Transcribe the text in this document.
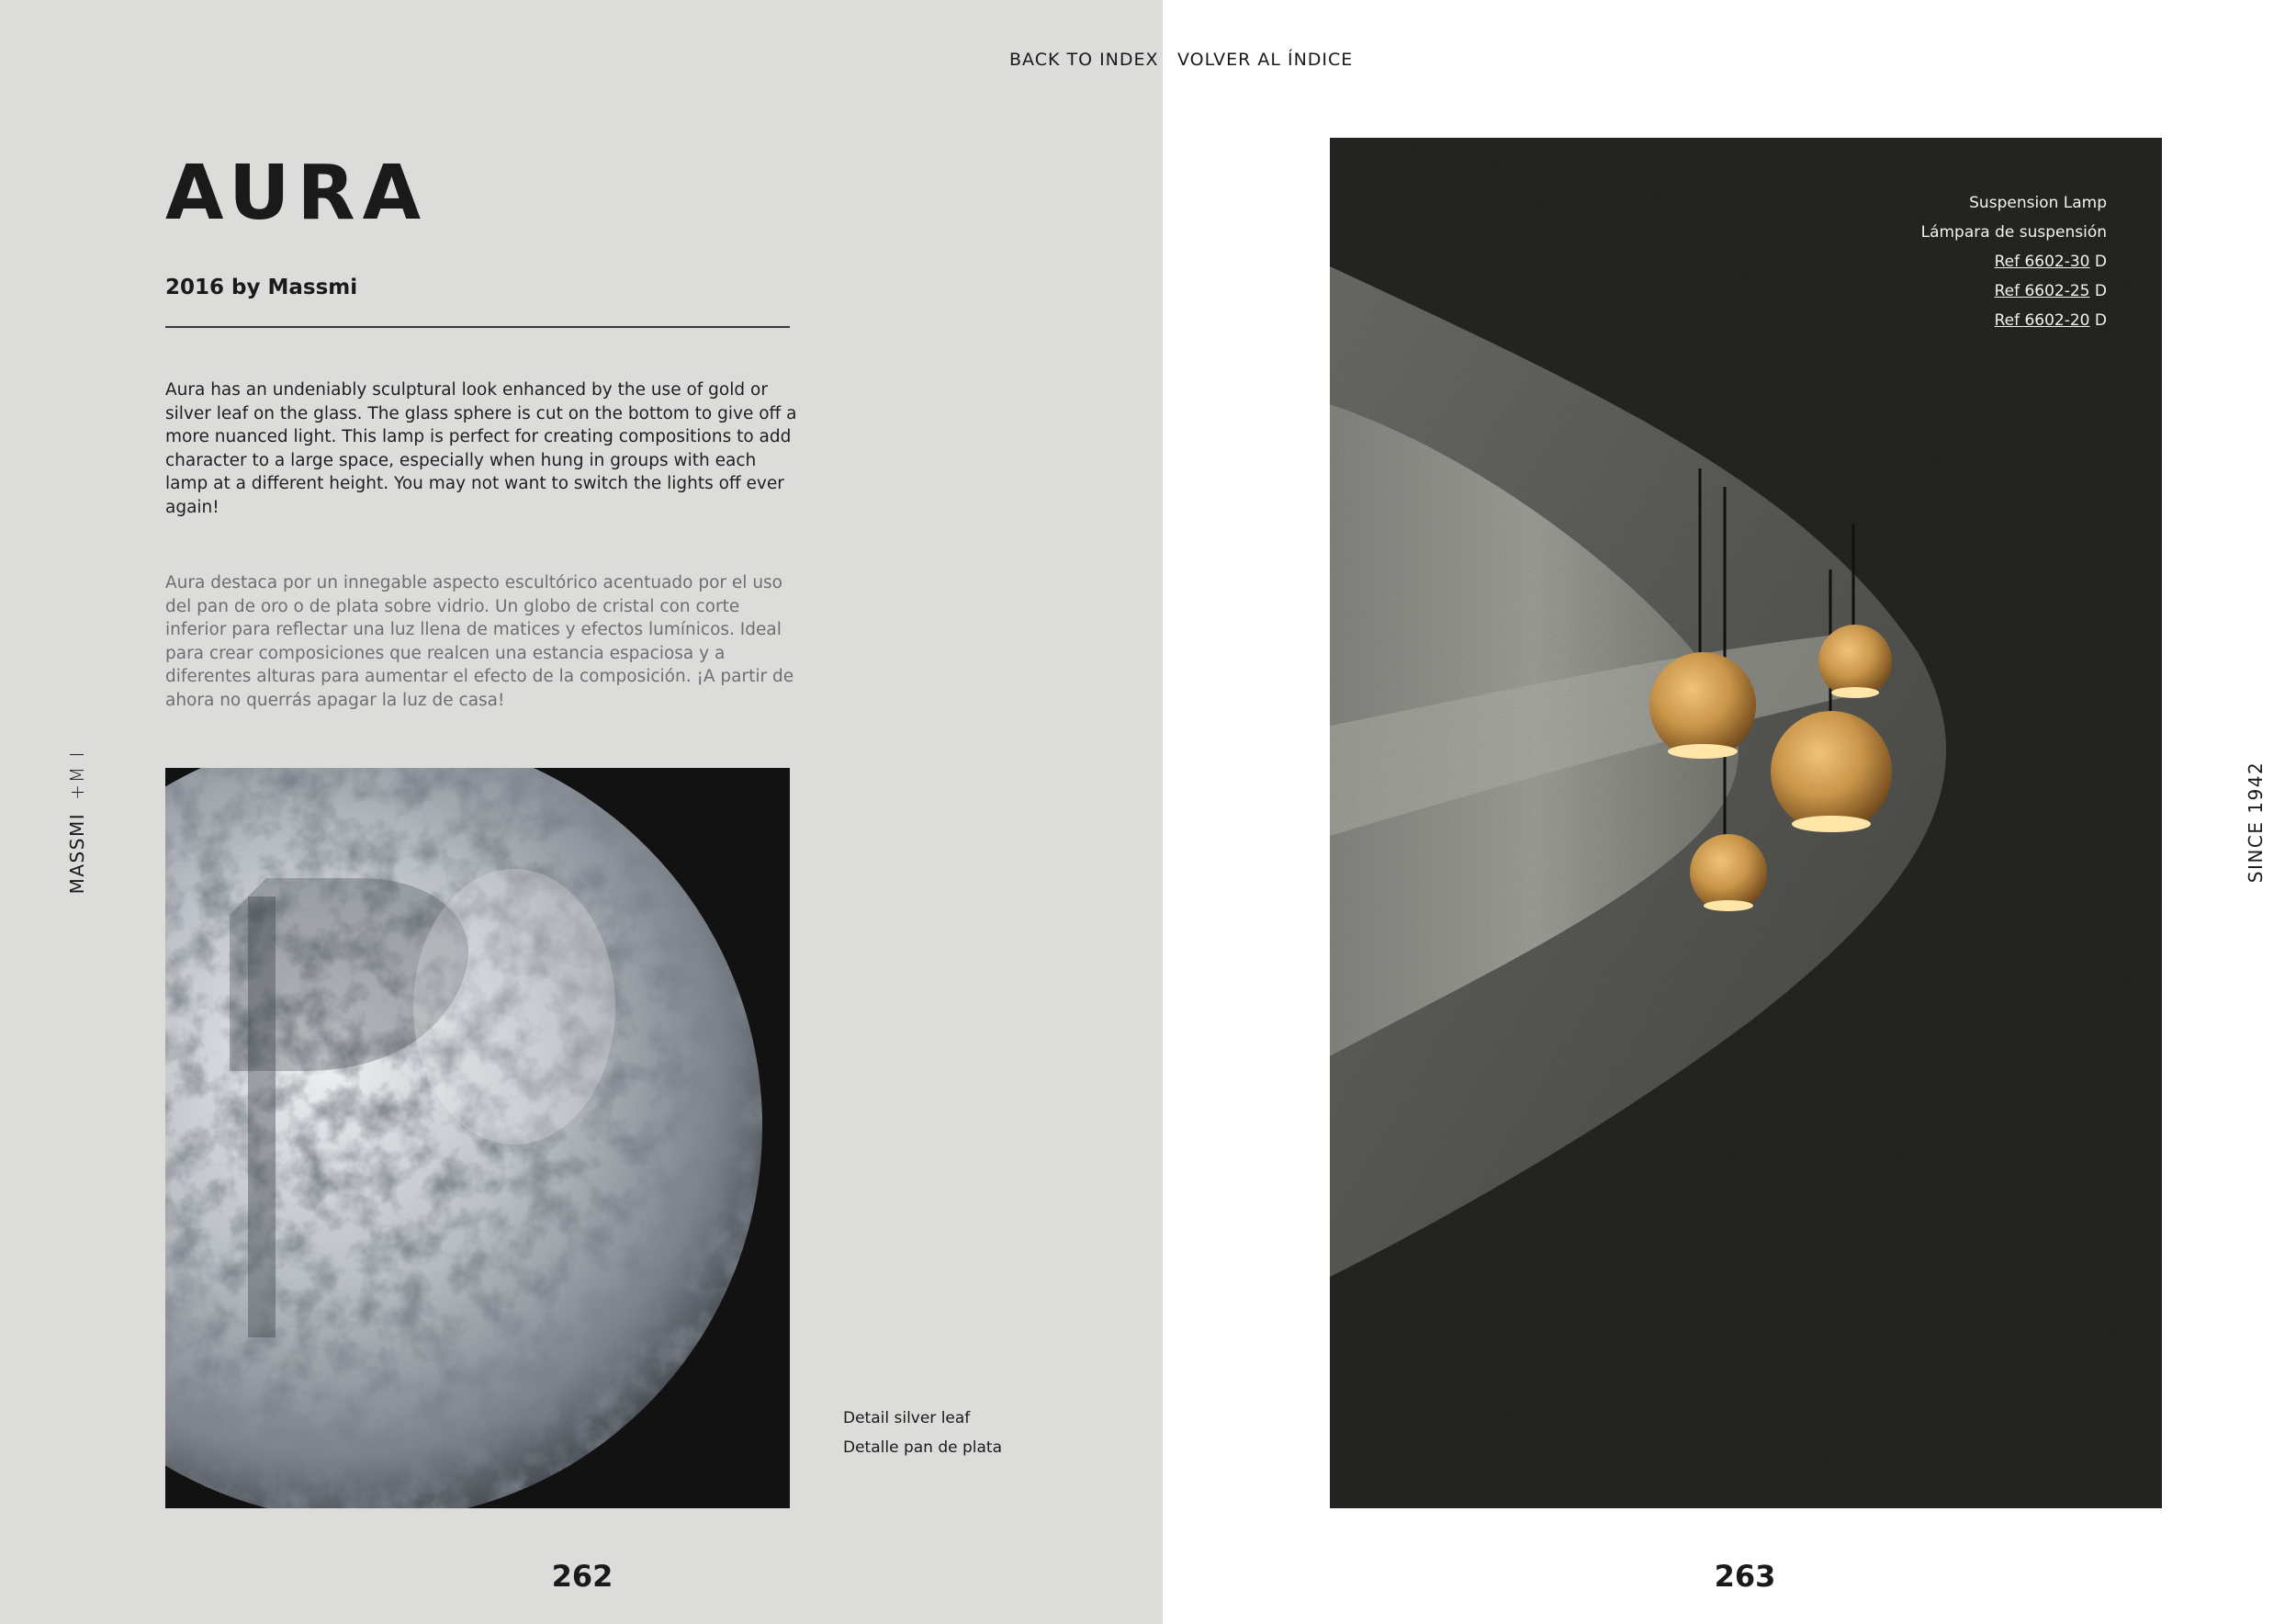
BACK TO INDEX VOLVER AL ÍNDICE
AURA
2016 by Massmi

Aura has an undeniably sculptural look enhanced by the use of gold or silver leaf on the glass. The glass sphere is cut on the bottom to give off a more nuanced light. This lamp is perfect for creating compositions to add character to a large space, especially when hung in groups with each lamp at a different height. You may not want to switch the lights off ever again!

Aura destaca por un innegable aspecto escultórico acentuado por el uso del pan de oro o de plata sobre vidrio. Un globo de cristal con corte inferior para reflectar una luz llena de matices y efectos lumínicos. Ideal para crear composiciones que realcen una estancia espaciosa y a diferentes alturas para aumentar el efecto de la composición. ¡A partir de ahora no querrás apagar la luz de casa!

MASSMI+M I	SINCE 1942
Detail silver leaf
Detalle pan de plata
Suspension Lamp
Lámpara de suspensión
Ref 6602-30 D
Ref 6602-25 D
Ref 6602-20 D
262	263
